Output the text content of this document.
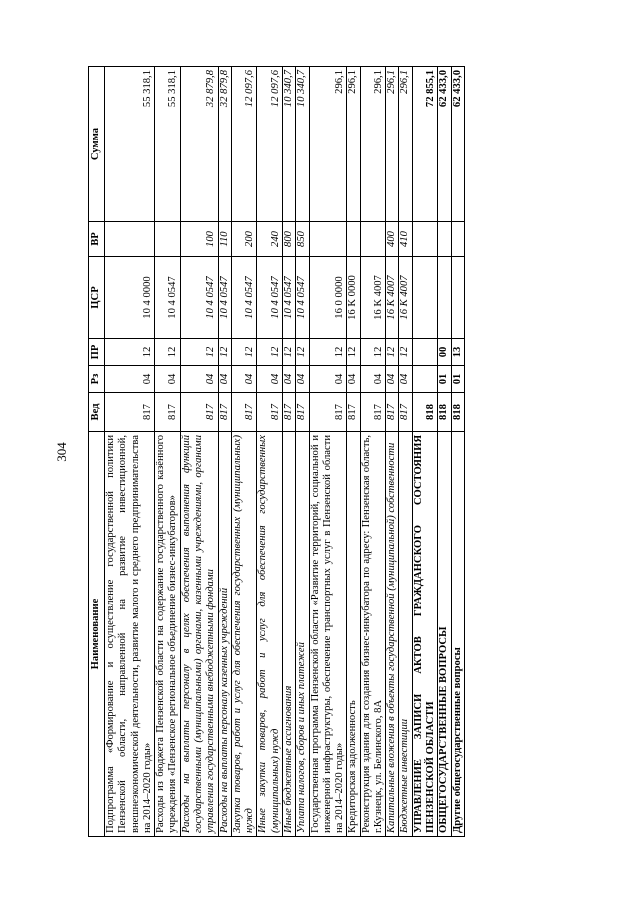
304
Наименование	Вед	Рз	ПР	ЦСР	ВР	Сумма
Подпрограмма «Формирование и осуществление государственной политики Пензенской области, направленной на развитие инвестиционной, внешнеэкономической деятельности, развитие малого и среднего предпринимательства на 2014–2020 годы»	817	04	12	10 4 0000		55 318,1
Расходы из бюджета Пензенской области на содержание государственного казённого учреждения «Пензенское региональное объединение бизнес-инкубаторов»	817	04	12	10 4 0547		55 318,1
Расходы на выплаты персоналу в целях обеспечения выполнения функций государственными (муниципальными) органами, казенными учреждениями, органами управления государственными внебюджетными фондами	817	04	12	10 4 0547	100	32 879,8
Расходы на выплаты персоналу казенных учреждений	817	04	12	10 4 0547	110	32 879,8
Закупка товаров, работ и услуг для обеспечения государственных (муниципальных) нужд	817	04	12	10 4 0547	200	12 097,6
Иные закупки товаров, работ и услуг для обеспечения государственных (муниципальных) нужд	817	04	12	10 4 0547	240	12 097,6
Иные бюджетные ассигнования	817	04	12	10 4 0547	800	10 340,7
Уплата налогов, сборов и иных платежей	817	04	12	10 4 0547	850	10 340,7
Государственная программа Пензенской области «Развитие территорий, социальной и инженерной инфраструктуры, обеспечение транспортных услуг в Пензенской области на 2014–2020 годы»	817	04	12	16 0 0000		296,1
Кредиторская задолженность	817	04	12	16 K 0000		296,1
Реконструкция здания для создания бизнес-инкубатора по адресу: Пензенская область, г.Кузнецк, ул. Белинского, 8А	817	04	12	16 K 4007		296,1
Капитальные вложения в объекты государственной (муниципальной) собственности	817	04	12	16 K 4007	400	296,1
Бюджетные инвестиции	817	04	12	16 K 4007	410	296,1
УПРАВЛЕНИЕ ЗАПИСИ АКТОВ ГРАЖДАНСКОГО СОСТОЯНИЯ ПЕНЗЕНСКОЙ ОБЛАСТИ	818					72 855,1
ОБЩЕГОСУДАРСТВЕННЫЕ ВОПРОСЫ	818	01	00			62 433,0
Другие общегосударственные вопросы	818	01	13			62 433,0
